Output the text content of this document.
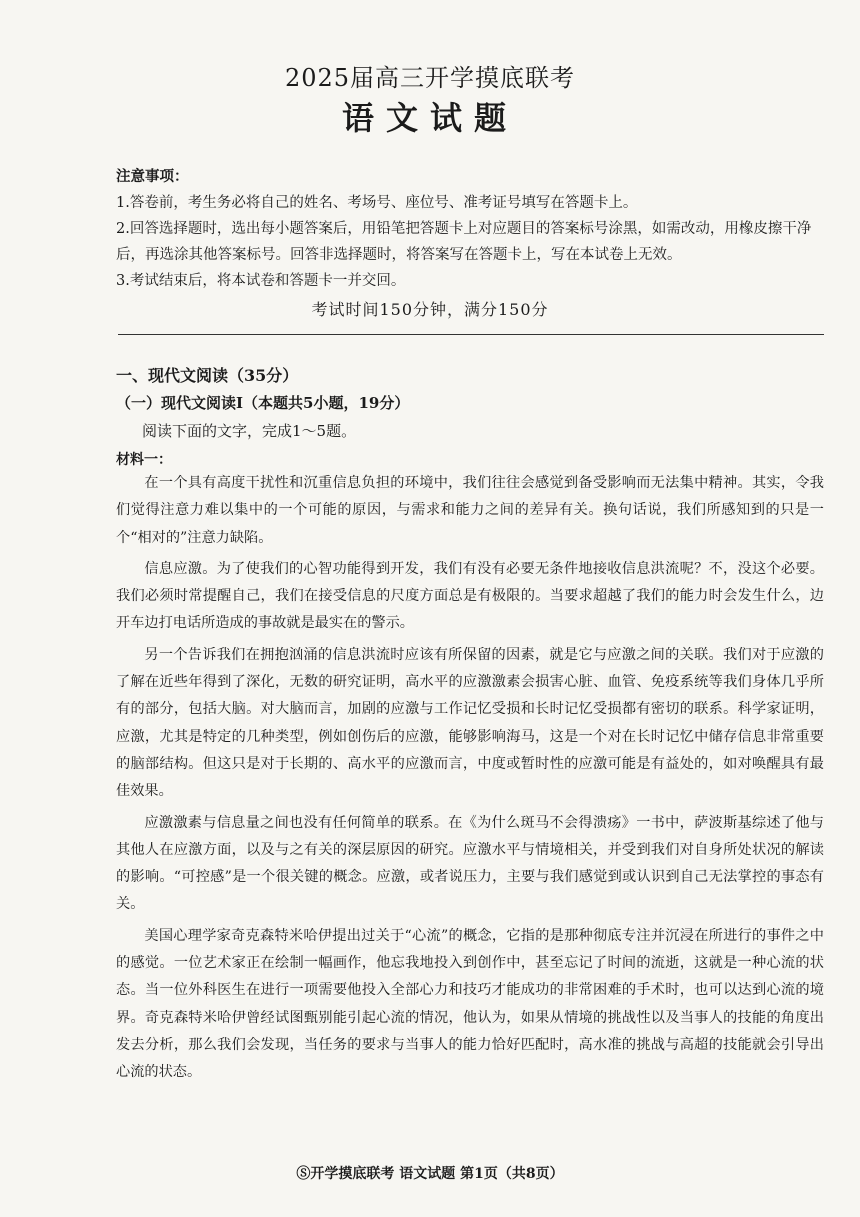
2025届高三开学摸底联考
语文试题

注意事项：

1.答卷前，考生务必将自己的姓名、考场号、座位号、准考证号填写在答题卡上。

2.回答选择题时，选出每小题答案后，用铅笔把答题卡上对应题目的答案标号涂黑，如需改动，用橡皮擦干净后，再选涂其他答案标号。回答非选择题时，将答案写在答题卡上，写在本试卷上无效。

3.考试结束后，将本试卷和答题卡一并交回。

考试时间150分钟，满分150分

一、现代文阅读（35分）

（一）现代文阅读Ⅰ（本题共5小题，19分）

阅读下面的文字，完成1～5题。

材料一：

在一个具有高度干扰性和沉重信息负担的环境中，我们往往会感觉到备受影响而无法集中精神。其实，令我们觉得注意力难以集中的一个可能的原因，与需求和能力之间的差异有关。换句话说，我们所感知到的只是一个“相对的”注意力缺陷。

信息应激。为了使我们的心智功能得到开发，我们有没有必要无条件地接收信息洪流呢？不，没这个必要。我们必须时常提醒自己，我们在接受信息的尺度方面总是有极限的。当要求超越了我们的能力时会发生什么，边开车边打电话所造成的事故就是最实在的警示。

另一个告诉我们在拥抱汹涌的信息洪流时应该有所保留的因素，就是它与应激之间的关联。我们对于应激的了解在近些年得到了深化，无数的研究证明，高水平的应激激素会损害心脏、血管、免疫系统等我们身体几乎所有的部分，包括大脑。对大脑而言，加剧的应激与工作记忆受损和长时记忆受损都有密切的联系。科学家证明，应激，尤其是特定的几种类型，例如创伤后的应激，能够影响海马，这是一个对在长时记忆中储存信息非常重要的脑部结构。但这只是对于长期的、高水平的应激而言，中度或暂时性的应激可能是有益处的，如对唤醒具有最佳效果。

应激激素与信息量之间也没有任何简单的联系。在《为什么斑马不会得溃疡》一书中，萨波斯基综述了他与其他人在应激方面，以及与之有关的深层原因的研究。应激水平与情境相关，并受到我们对自身所处状况的解读的影响。“可控感”是一个很关键的概念。应激，或者说压力，主要与我们感觉到或认识到自己无法掌控的事态有关。

美国心理学家奇克森特米哈伊提出过关于“心流”的概念，它指的是那种彻底专注并沉浸在所进行的事件之中的感觉。一位艺术家正在绘制一幅画作，他忘我地投入到创作中，甚至忘记了时间的流逝，这就是一种心流的状态。当一位外科医生在进行一项需要他投入全部心力和技巧才能成功的非常困难的手术时，也可以达到心流的境界。奇克森特米哈伊曾经试图甄别能引起心流的情况，他认为，如果从情境的挑战性以及当事人的技能的角度出发去分析，那么我们会发现，当任务的要求与当事人的能力恰好匹配时，高水准的挑战与高超的技能就会引导出心流的状态。

Ⓢ开学摸底联考 语文试题 第1页（共8页）
